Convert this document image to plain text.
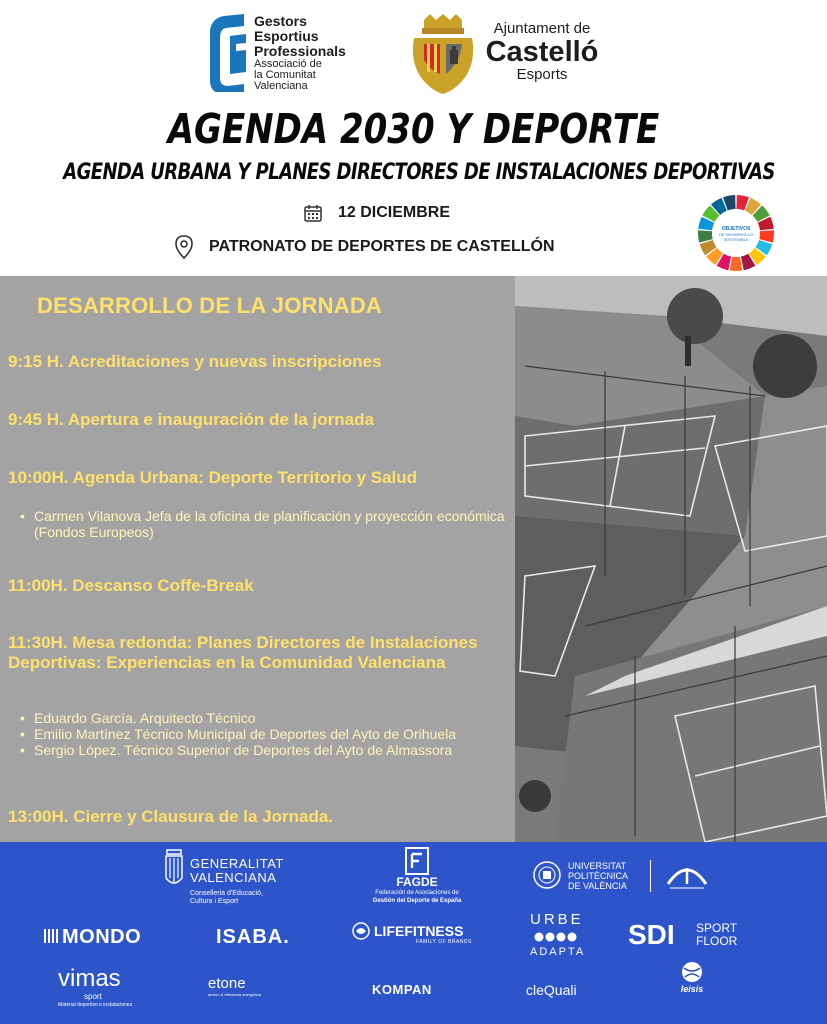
Gestors
Esportius
Professionals
Associació de
la Comunitat
Valenciana
Ajuntament de
Castelló
Esports
AGENDA 2030 Y DEPORTE
AGENDA URBANA Y PLANES DIRECTORES DE INSTALACIONES DEPORTIVAS
12 DICIEMBRE
PATRONATO DE DEPORTES DE CASTELLÓN
OBJETIVOS
DE DESARROLLO
SOSTENIBLE
DESARROLLO DE LA JORNADA
9:15 H. Acreditaciones y nuevas inscripciones
9:45 H. Apertura e inauguración de la jornada
10:00H. Agenda Urbana: Deporte Territorio y Salud
• Carmen Vilanova Jefa de la oficina de planificación y proyección económica (Fondos Europeos)
11:00H. Descanso Coffe-Break
11:30H. Mesa redonda: Planes Directores de Instalaciones Deportivas: Experiencias en la Comunidad Valenciana
• Eduardo García. Arquitecto Técnico
• Emilio Martínez Técnico Municipal de Deportes del Ayto de Orihuela
• Sergio López. Técnico Superior de Deportes del Ayto de Almassora
13:00H. Cierre y Clausura de la Jornada.
GENERALITAT
VALENCIANA
Conselleria d'Educació,
Cultura i Esport
FAGDE
Federación de Asociaciones de
Gestión del Deporte de España
UNIVERSITAT
POLITÈCNICA
DE VALÈNCIA
MONDO	ISABA.	LIFEFITNESS
FAMILY OF BRANDS
URBE
ADAPTA
SDI SPORT
FLOOR
vimas
sport
Material deportivo e instalaciones
etone
ahorro & eficiencia energética	KOMPAN	cleQuali	leisis
